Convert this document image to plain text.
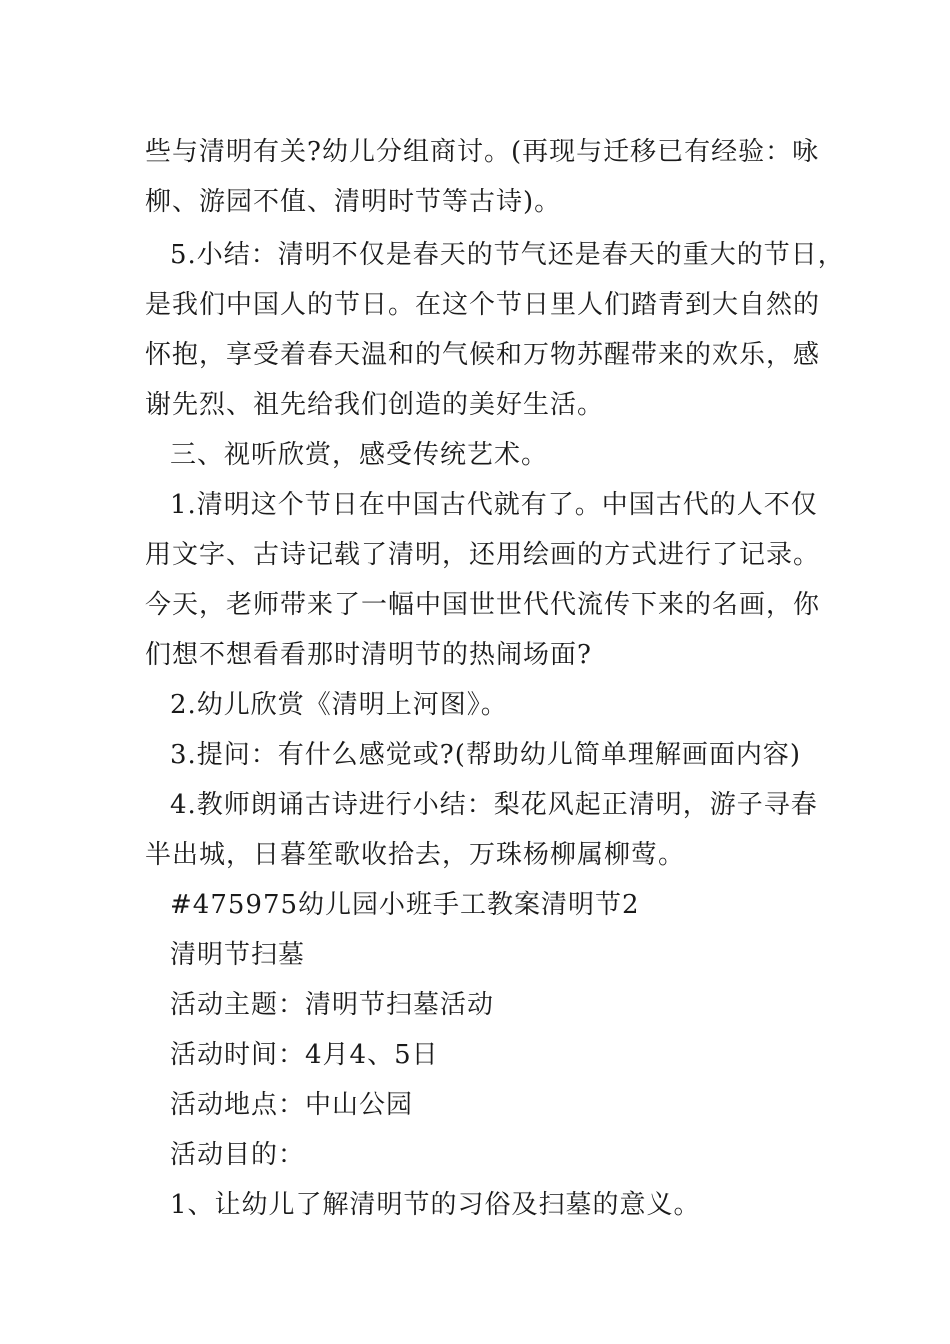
些与清明有关?幼儿分组商讨。(再现与迁移已有经验：咏
柳、游园不值、清明时节等古诗)。
5.小结：清明不仅是春天的节气还是春天的重大的节日，
是我们中国人的节日。在这个节日里人们踏青到大自然的
怀抱，享受着春天温和的气候和万物苏醒带来的欢乐，感
谢先烈、祖先给我们创造的美好生活。
三、视听欣赏，感受传统艺术。
1.清明这个节日在中国古代就有了。中国古代的人不仅
用文字、古诗记载了清明，还用绘画的方式进行了记录。
今天，老师带来了一幅中国世世代代流传下来的名画，你
们想不想看看那时清明节的热闹场面?
2.幼儿欣赏《清明上河图》。
3.提问：有什么感觉或?(帮助幼儿简单理解画面内容)
4.教师朗诵古诗进行小结：梨花风起正清明，游子寻春
半出城，日暮笙歌收拾去，万珠杨柳属柳莺。
#475975幼儿园小班手工教案清明节2
清明节扫墓
活动主题：清明节扫墓活动
活动时间：4月4、5日
活动地点：中山公园
活动目的：
1、让幼儿了解清明节的习俗及扫墓的意义。
